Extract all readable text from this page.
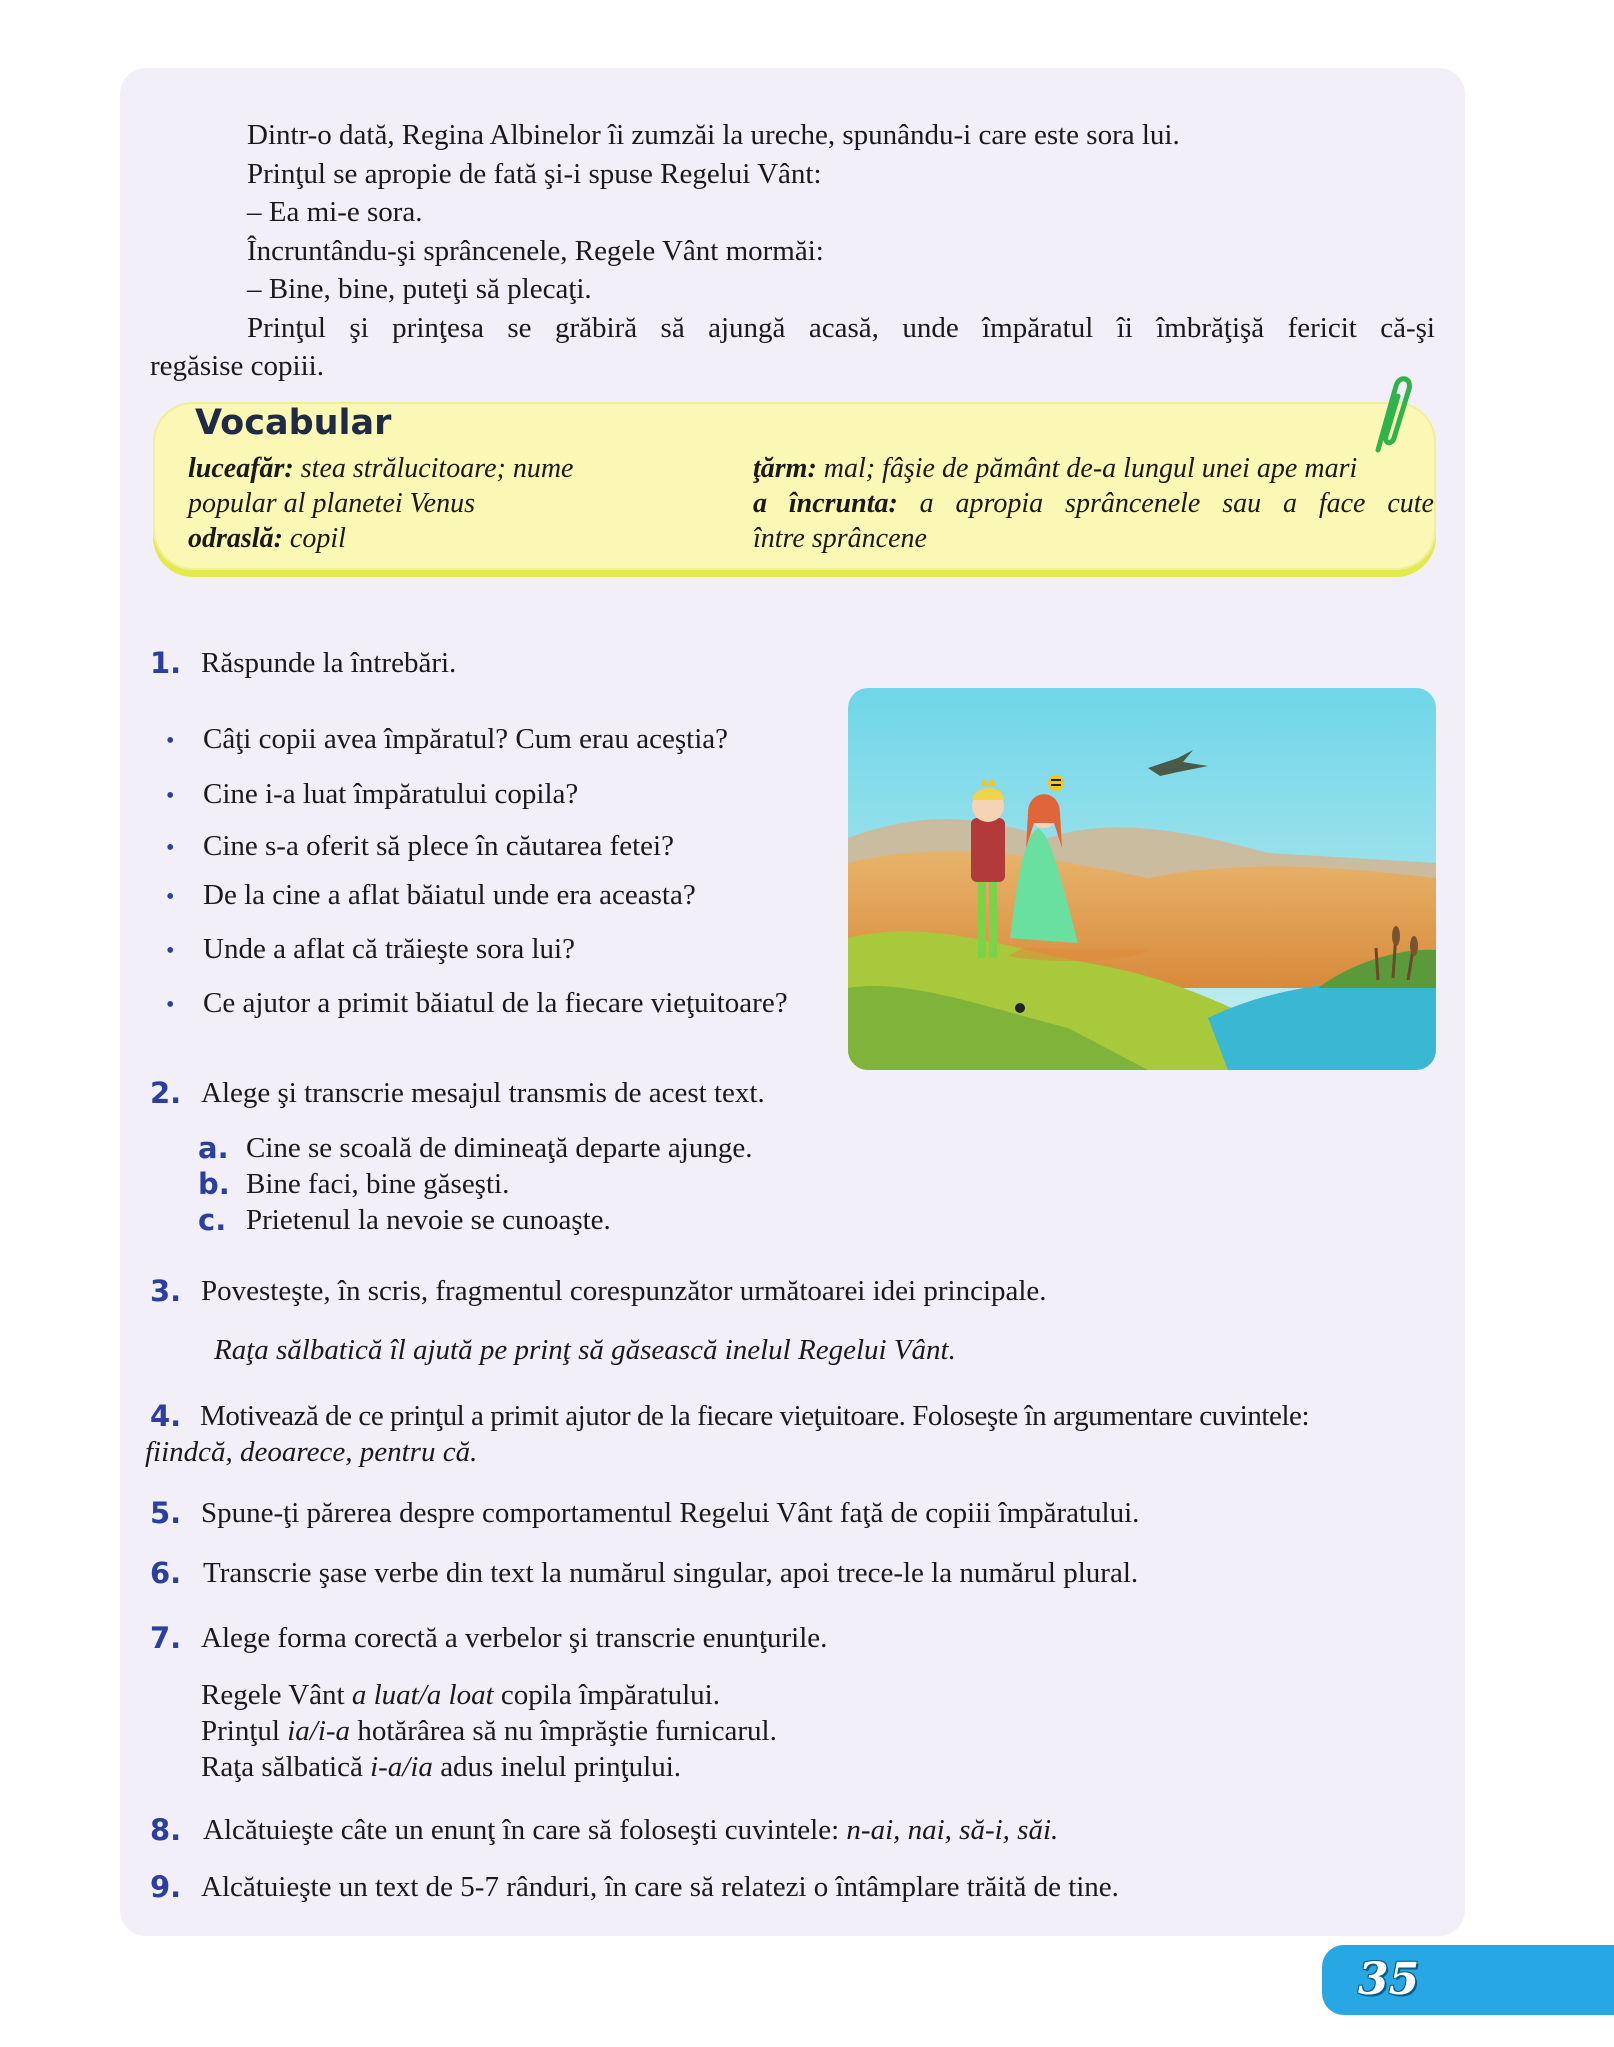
Dintr-o dată, Regina Albinelor îi zumzăi la ureche, spunându-i care este sora lui.
Prinţul se apropie de fată şi-i spuse Regelui Vânt:
– Ea mi-e sora.
Încruntându-şi sprâncenele, Regele Vânt mormăi:
– Bine, bine, puteţi să plecaţi.
Prinţul şi prinţesa se grăbiră să ajungă acasă, unde împăratul îi îmbrăţişă fericit că-şi
regăsise copiii.
Vocabular
luceafăr: stea strălucitoare; nume
popular al planetei Venus
odraslă: copil
ţărm: mal; fâşie de pământ de-a lungul unei ape mari
a încrunta: a apropia sprâncenele sau a face cute
între sprâncene
1. Răspunde la întrebări.
• Câţi copii avea împăratul? Cum erau aceştia?
• Cine i-a luat împăratului copila?
• Cine s-a oferit să plece în căutarea fetei?
• De la cine a aflat băiatul unde era aceasta?
• Unde a aflat că trăieşte sora lui?
• Ce ajutor a primit băiatul de la fiecare vieţuitoare?
2. Alege şi transcrie mesajul transmis de acest text.
a. Cine se scoală de dimineaţă departe ajunge.
b. Bine faci, bine găseşti.
c. Prietenul la nevoie se cunoaşte.
3. Povesteşte, în scris, fragmentul corespunzător următoarei idei principale.
Raţa sălbatică îl ajută pe prinţ să găsească inelul Regelui Vânt.
4. Motivează de ce prinţul a primit ajutor de la fiecare vieţuitoare. Foloseşte în argumentare cuvintele:
fiindcă, deoarece, pentru că.
5. Spune-ţi părerea despre comportamentul Regelui Vânt faţă de copiii împăratului.
6. Transcrie şase verbe din text la numărul singular, apoi trece-le la numărul plural.
7. Alege forma corectă a verbelor şi transcrie enunţurile.
Regele Vânt a luat/a loat copila împăratului.
Prinţul ia/i-a hotărârea să nu împrăştie furnicarul.
Raţa sălbatică i-a/ia adus inelul prinţului.
8. Alcătuieşte câte un enunţ în care să foloseşti cuvintele: n-ai, nai, să-i, săi.
9. Alcătuieşte un text de 5-7 rânduri, în care să relatezi o întâmplare trăită de tine.
35
